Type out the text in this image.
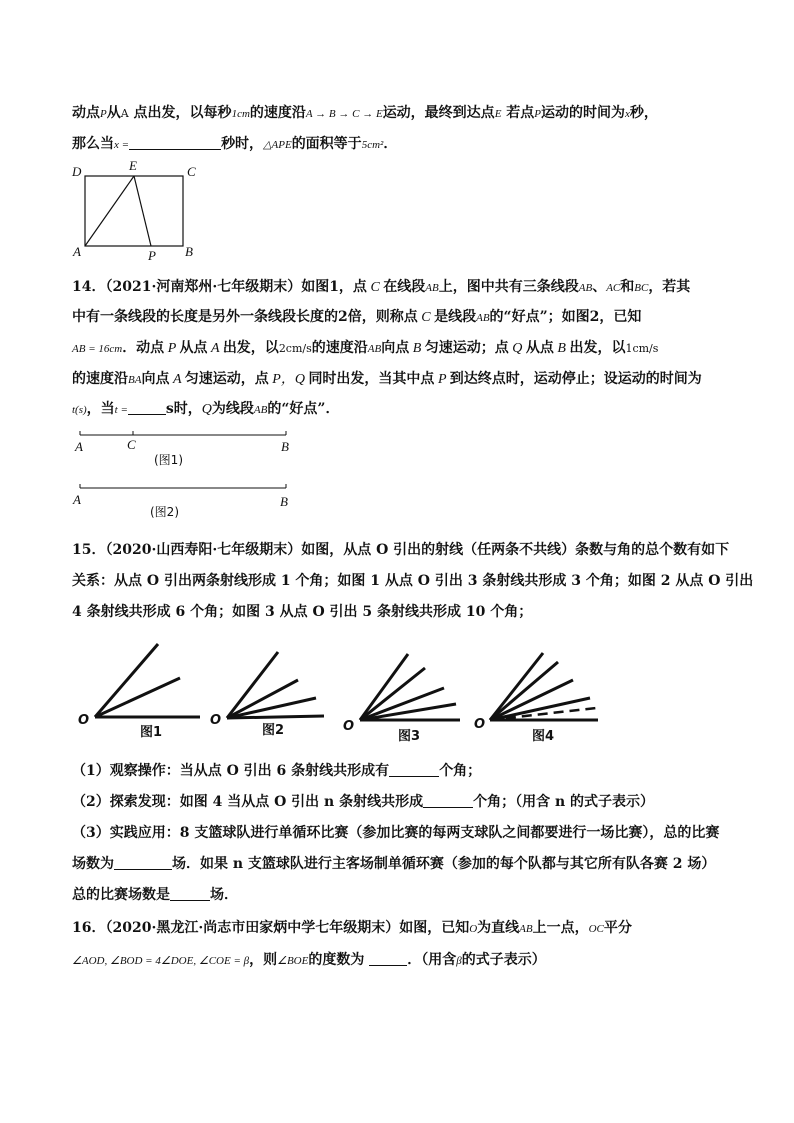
动点P从A 点出发，以每秒1cm的速度沿A → B → C → E运动，最终到达点E 若点P运动的时间为x秒，
那么当x =	秒时，△APE的面积等于5cm²．
D	E	C
A	P B
14．（2021·河南郑州·七年级期末）如图1，点 C 在线段AB上，图中共有三条线段AB、AC和BC，若其
中有一条线段的长度是另外一条线段长度的2倍，则称点 C 是线段AB的“好点”；如图2，已知
AB = 16cm．动点 P 从点 A 出发，以2cm/s的速度沿AB向点 B 匀速运动；点 Q 从点 B 出发，以1cm/s
的速度沿BA向点 A 匀速运动，点 P，Q 同时出发，当其中点 P 到达终点时，运动停止；设运动的时间为
t(s)，当t =	s时，Q为线段AB的“好点”．
A	C	B
(图1)
A	B
(图2)
15．（2020·山西寿阳·七年级期末）如图，从点 O 引出的射线（任两条不共线）条数与角的总个数有如下
关系：从点 O 引出两条射线形成 1 个角；如图 1 从点 O 引出 3 条射线共形成 3 个角；如图 2 从点 O 引出
4 条射线共形成 6 个角；如图 3 从点 O 引出 5 条射线共形成 10 个角；
O
图1
O
图2	O
图3
O
图4
（1）观察操作：当从点 O 引出 6 条射线共形成有	个角；
（2）探索发现：如图 4 当从点 O 引出 n 条射线共形成	个角；（用含 n 的式子表示）
（3）实践应用：8 支篮球队进行单循环比赛（参加比赛的每两支球队之间都要进行一场比赛），总的比赛
场数为	场．如果 n 支篮球队进行主客场制单循环赛（参加的每个队都与其它所有队各赛 2 场）
总的比赛场数是	场．
16．（2020·黑龙江·尚志市田家炳中学七年级期末）如图，已知O为直线AB上一点，OC平分
∠AOD, ∠BOD = 4∠DOE, ∠COE = β，则∠BOE的度数为	．（用含β的式子表示）
